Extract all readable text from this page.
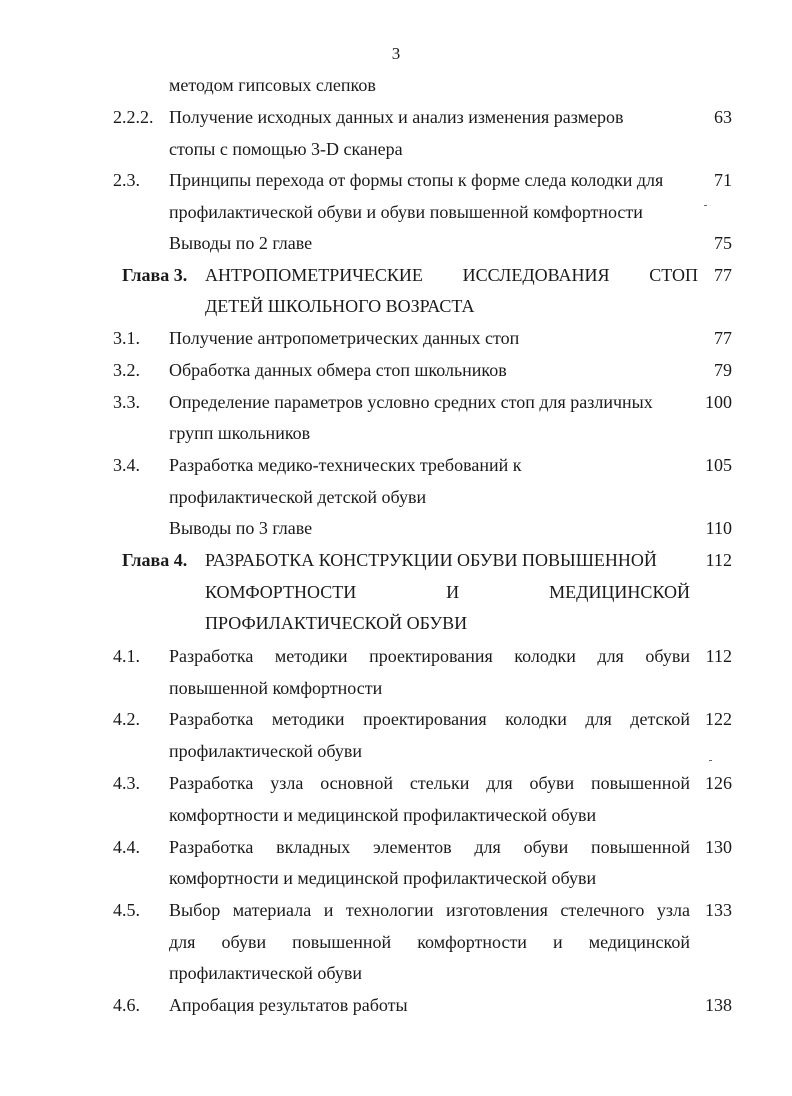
3
методом гипсовых слепков
2.2.2. Получение исходных данных и анализ изменения размеров	63
стопы с помощью 3-D сканера
2.3. Принципы перехода от формы стопы к форме следа колодки для	71
профилактической обуви и обуви повышенной комфортности
Выводы по 2 главе	75
Глава 3. АНТРОПОМЕТРИЧЕСКИЕ ИССЛЕДОВАНИЯ СТОП 77
ДЕТЕЙ ШКОЛЬНОГО ВОЗРАСТА
3.1. Получение антропометрических данных стоп	77
3.2. Обработка данных обмера стоп школьников	79
3.3. Определение параметров условно средних стоп для различных	100
групп школьников
3.4. Разработка медико-технических требований к	105
профилактической детской обуви
Выводы по 3 главе	110
Глава 4. РАЗРАБОТКА КОНСТРУКЦИИ ОБУВИ ПОВЫШЕННОЙ	112
КОМФОРТНОСТИ И МЕДИЦИНСКОЙ
ПРОФИЛАКТИЧЕСКОЙ ОБУВИ
4.1. Разработка методики проектирования колодки для обуви 112
повышенной комфортности
4.2. Разработка методики проектирования колодки для детской 122
профилактической обуви
4.3. Разработка узла основной стельки для обуви повышенной 126
комфортности и медицинской профилактической обуви
4.4. Разработка вкладных элементов для обуви повышенной 130
комфортности и медицинской профилактической обуви
4.5. Выбор материала и технологии изготовления стелечного узла 133
для обуви повышенной комфортности и медицинской
профилактической обуви
4.6. Апробация результатов работы	138
